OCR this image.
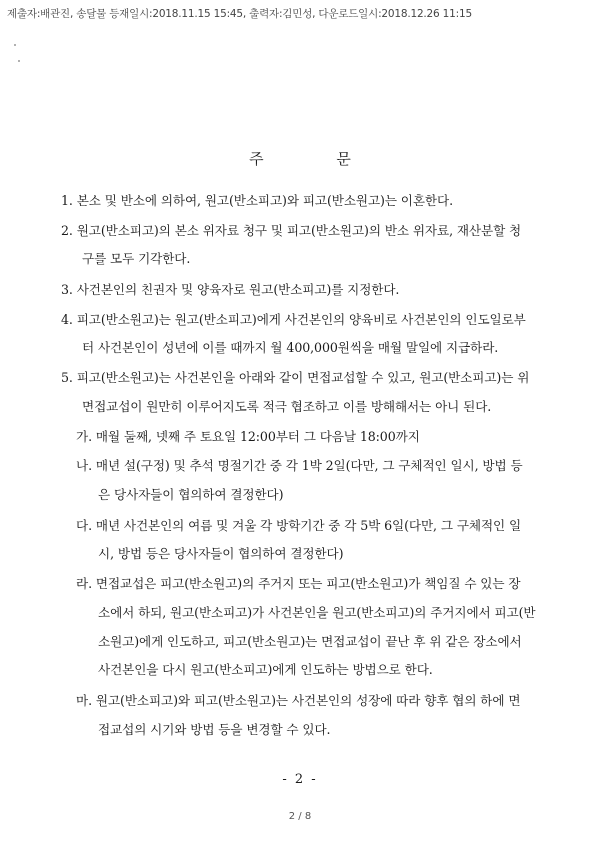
제출자:배관진, 송달물 등재일시:2018.11.15 15:45, 출력자:김민성, 다운로드일시:2018.12.26 11:15
주 문
1. 본소 및 반소에 의하여, 원고(반소피고)와 피고(반소원고)는 이혼한다.
2. 원고(반소피고)의 본소 위자료 청구 및 피고(반소원고)의 반소 위자료, 재산분할 청
구를 모두 기각한다.
3. 사건본인의 친권자 및 양육자로 원고(반소피고)를 지정한다.
4. 피고(반소원고)는 원고(반소피고)에게 사건본인의 양육비로 사건본인의 인도일로부
터 사건본인이 성년에 이를 때까지 월 400,000원씩을 매월 말일에 지급하라.
5. 피고(반소원고)는 사건본인을 아래와 같이 면접교섭할 수 있고, 원고(반소피고)는 위
면접교섭이 원만히 이루어지도록 적극 협조하고 이를 방해해서는 아니 된다.
가. 매월 둘째, 넷째 주 토요일 12:00부터 그 다음날 18:00까지
나. 매년 설(구정) 및 추석 명절기간 중 각 1박 2일(다만, 그 구체적인 일시, 방법 등
은 당사자들이 협의하여 결정한다)
다. 매년 사건본인의 여름 및 겨울 각 방학기간 중 각 5박 6일(다만, 그 구체적인 일
시, 방법 등은 당사자들이 협의하여 결정한다)
라. 면접교섭은 피고(반소원고)의 주거지 또는 피고(반소원고)가 책임질 수 있는 장
소에서 하되, 원고(반소피고)가 사건본인을 원고(반소피고)의 주거지에서 피고(반
소원고)에게 인도하고, 피고(반소원고)는 면접교섭이 끝난 후 위 같은 장소에서
사건본인을 다시 원고(반소피고)에게 인도하는 방법으로 한다.
마. 원고(반소피고)와 피고(반소원고)는 사건본인의 성장에 따라 향후 협의 하에 면
접교섭의 시기와 방법 등을 변경할 수 있다.
- 2 -
2 / 8
